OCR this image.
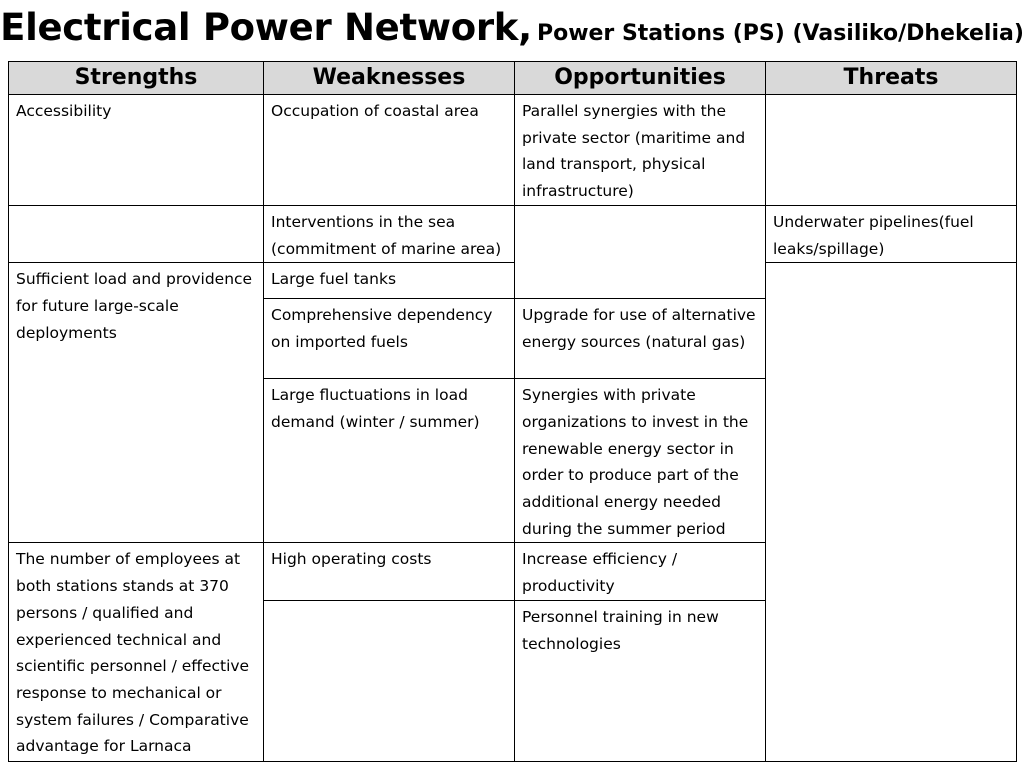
Electrical Power Network, Power Stations (PS) (Vasiliko/Dhekelia)
Strengths	Weaknesses	Opportunities	Threats
Accessibility	Occupation of coastal area	Parallel synergies with the private sector (maritime and land transport, physical infrastructure)	
	Interventions in the sea (commitment of marine area)		Underwater pipelines(fuel leaks/spillage)
Sufficient load and providence for future large-scale deployments	Large fuel tanks		
	Comprehensive dependency on imported fuels	Upgrade for use of alternative energy sources (natural gas)	
	Large fluctuations in load demand (winter / summer)	Synergies with private organizations to invest in the renewable energy sector in order to produce part of the additional energy needed during the summer period	

The number of employees at both stations stands at 370 persons / qualified and experienced technical and scientific personnel / effective response to mechanical or system failures / Comparative advantage for Larnaca	High operating costs	Increase efficiency / productivity	
		Personnel training in new technologies	
